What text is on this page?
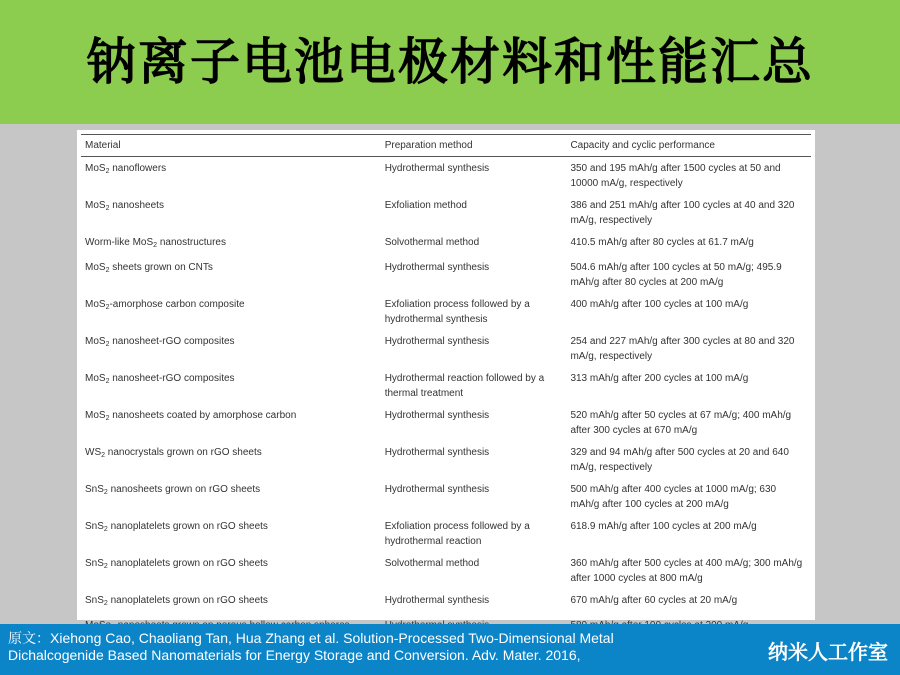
钠离子电池电极材料和性能汇总
Material	Preparation method	Capacity and cyclic performance
MoS$_2$ nanoflowers	Hydrothermal synthesis	350 and 195 mAh/g after 1500 cycles at 50 and 10000 mA/g, respectively
MoS$_2$ nanosheets	Exfoliation method	386 and 251 mAh/g after 100 cycles at 40 and 320 mA/g, respectively
Worm-like MoS$_2$ nanostructures	Solvothermal method	410.5 mAh/g after 80 cycles at 61.7 mA/g
MoS$_2$ sheets grown on CNTs	Hydrothermal synthesis	504.6 mAh/g after 100 cycles at 50 mA/g; 495.9 mAh/g after 80 cycles at 200 mA/g
MoS$_2$-amorphose carbon composite	Exfoliation process followed by a hydrothermal synthesis	400 mAh/g after 100 cycles at 100 mA/g
MoS$_2$ nanosheet-rGO composites	Hydrothermal synthesis	254 and 227 mAh/g after 300 cycles at 80 and 320 mA/g, respectively
MoS$_2$ nanosheet-rGO composites	Hydrothermal reaction followed by a thermal treatment	313 mAh/g after 200 cycles at 100 mA/g
MoS$_2$ nanosheets coated by amorphose carbon	Hydrothermal synthesis	520 mAh/g after 50 cycles at 67 mA/g; 400 mAh/g after 300 cycles at 670 mA/g
$WS_2$ nanocrystals grown on rGO sheets	Hydrothermal synthesis	329 and 94 mAh/g after 500 cycles at 20 and 640 mA/g, respectively
SnS$_2$ nanosheets grown on rGO sheets	Hydrothermal synthesis	500 mAh/g after 400 cycles at 1000 mA/g; 630 mAh/g after 100 cycles at 200 mA/g
SnS$_2$ nanoplatelets grown on rGO sheets	Exfoliation process followed by a hydrothermal reaction	618.9 mAh/g after 100 cycles at 200 mA/g
SnS$_2$ nanoplatelets grown on rGO sheets	Solvothermal method	360 mAh/g after 500 cycles at 400 mA/g; 300 mAh/g after 1000 cycles at 800 mA/g
SnS$_2$ nanoplatelets grown on rGO sheets	Hydrothermal synthesis	670 mAh/g after 60 cycles at 20 mA/g

原文：Xiehong Cao, Chaoliang Tan, Hua Zhang et al. Solution-Processed Two-Dimensional Metal
Dichalcogenide Based Nanomaterials for Energy Storage and Conversion. Adv. Mater. 2016,	纳米人工作室
